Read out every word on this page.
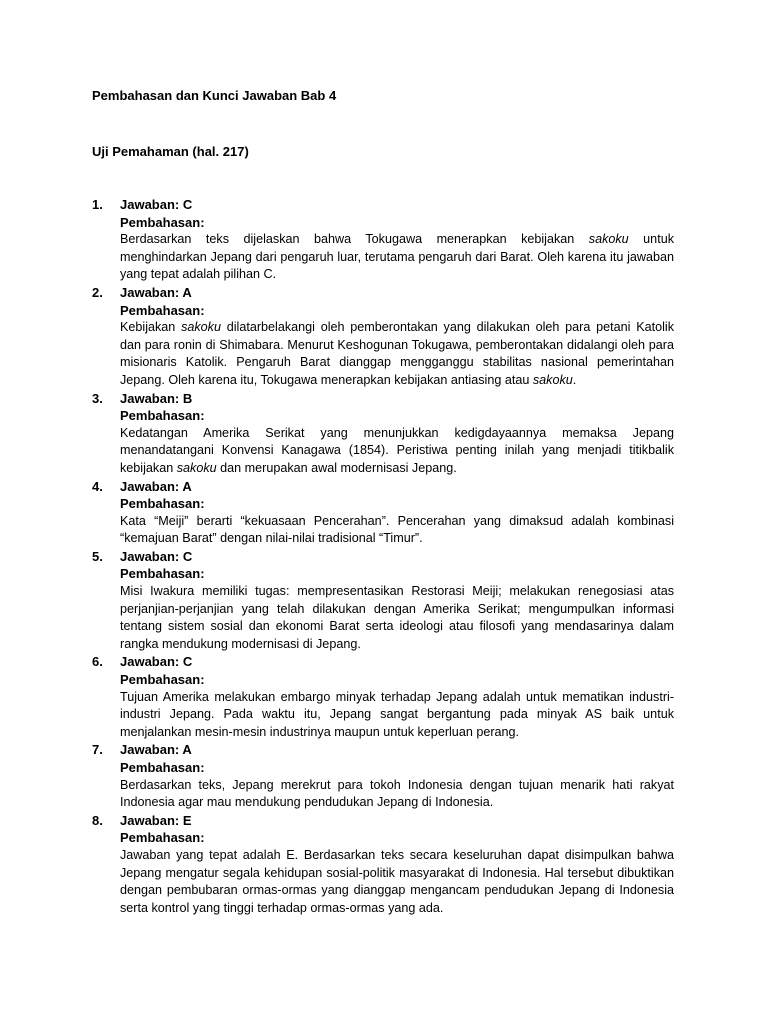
Pembahasan dan Kunci Jawaban Bab 4
Uji Pemahaman (hal. 217)
1. Jawaban: C
Pembahasan:

Berdasarkan teks dijelaskan bahwa Tokugawa menerapkan kebijakan sakoku untuk menghindarkan Jepang dari pengaruh luar, terutama pengaruh dari Barat. Oleh karena itu jawaban yang tepat adalah pilihan C.

2. Jawaban: A
Pembahasan:

Kebijakan sakoku dilatarbelakangi oleh pemberontakan yang dilakukan oleh para petani Katolik dan para ronin di Shimabara. Menurut Keshogunan Tokugawa, pemberontakan didalangi oleh para misionaris Katolik. Pengaruh Barat dianggap mengganggu stabilitas nasional pemerintahan Jepang. Oleh karena itu, Tokugawa menerapkan kebijakan antiasing atau sakoku.

3. Jawaban: B
Pembahasan:

Kedatangan Amerika Serikat yang menunjukkan kedigdayaannya memaksa Jepang menandatangani Konvensi Kanagawa (1854). Peristiwa penting inilah yang menjadi titikbalik kebijakan sakoku dan merupakan awal modernisasi Jepang.

4. Jawaban: A
Pembahasan:

Kata “Meiji” berarti “kekuasaan Pencerahan”. Pencerahan yang dimaksud adalah kombinasi “kemajuan Barat” dengan nilai-nilai tradisional “Timur”.

5. Jawaban: C
Pembahasan:

Misi Iwakura memiliki tugas: mempresentasikan Restorasi Meiji; melakukan renegosiasi atas perjanjian-perjanjian yang telah dilakukan dengan Amerika Serikat; mengumpulkan informasi tentang sistem sosial dan ekonomi Barat serta ideologi atau filosofi yang mendasarinya dalam rangka mendukung modernisasi di Jepang.

6. Jawaban: C
Pembahasan:

Tujuan Amerika melakukan embargo minyak terhadap Jepang adalah untuk mematikan industri-industri Jepang. Pada waktu itu, Jepang sangat bergantung pada minyak AS baik untuk menjalankan mesin-mesin industrinya maupun untuk keperluan perang.

7. Jawaban: A
Pembahasan:

Berdasarkan teks, Jepang merekrut para tokoh Indonesia dengan tujuan menarik hati rakyat Indonesia agar mau mendukung pendudukan Jepang di Indonesia.

8. Jawaban: E
Pembahasan:

Jawaban yang tepat adalah E. Berdasarkan teks secara keseluruhan dapat disimpulkan bahwa Jepang mengatur segala kehidupan sosial-politik masyarakat di Indonesia. Hal tersebut dibuktikan dengan pembubaran ormas-ormas yang dianggap mengancam pendudukan Jepang di Indonesia serta kontrol yang tinggi terhadap ormas-ormas yang ada.
